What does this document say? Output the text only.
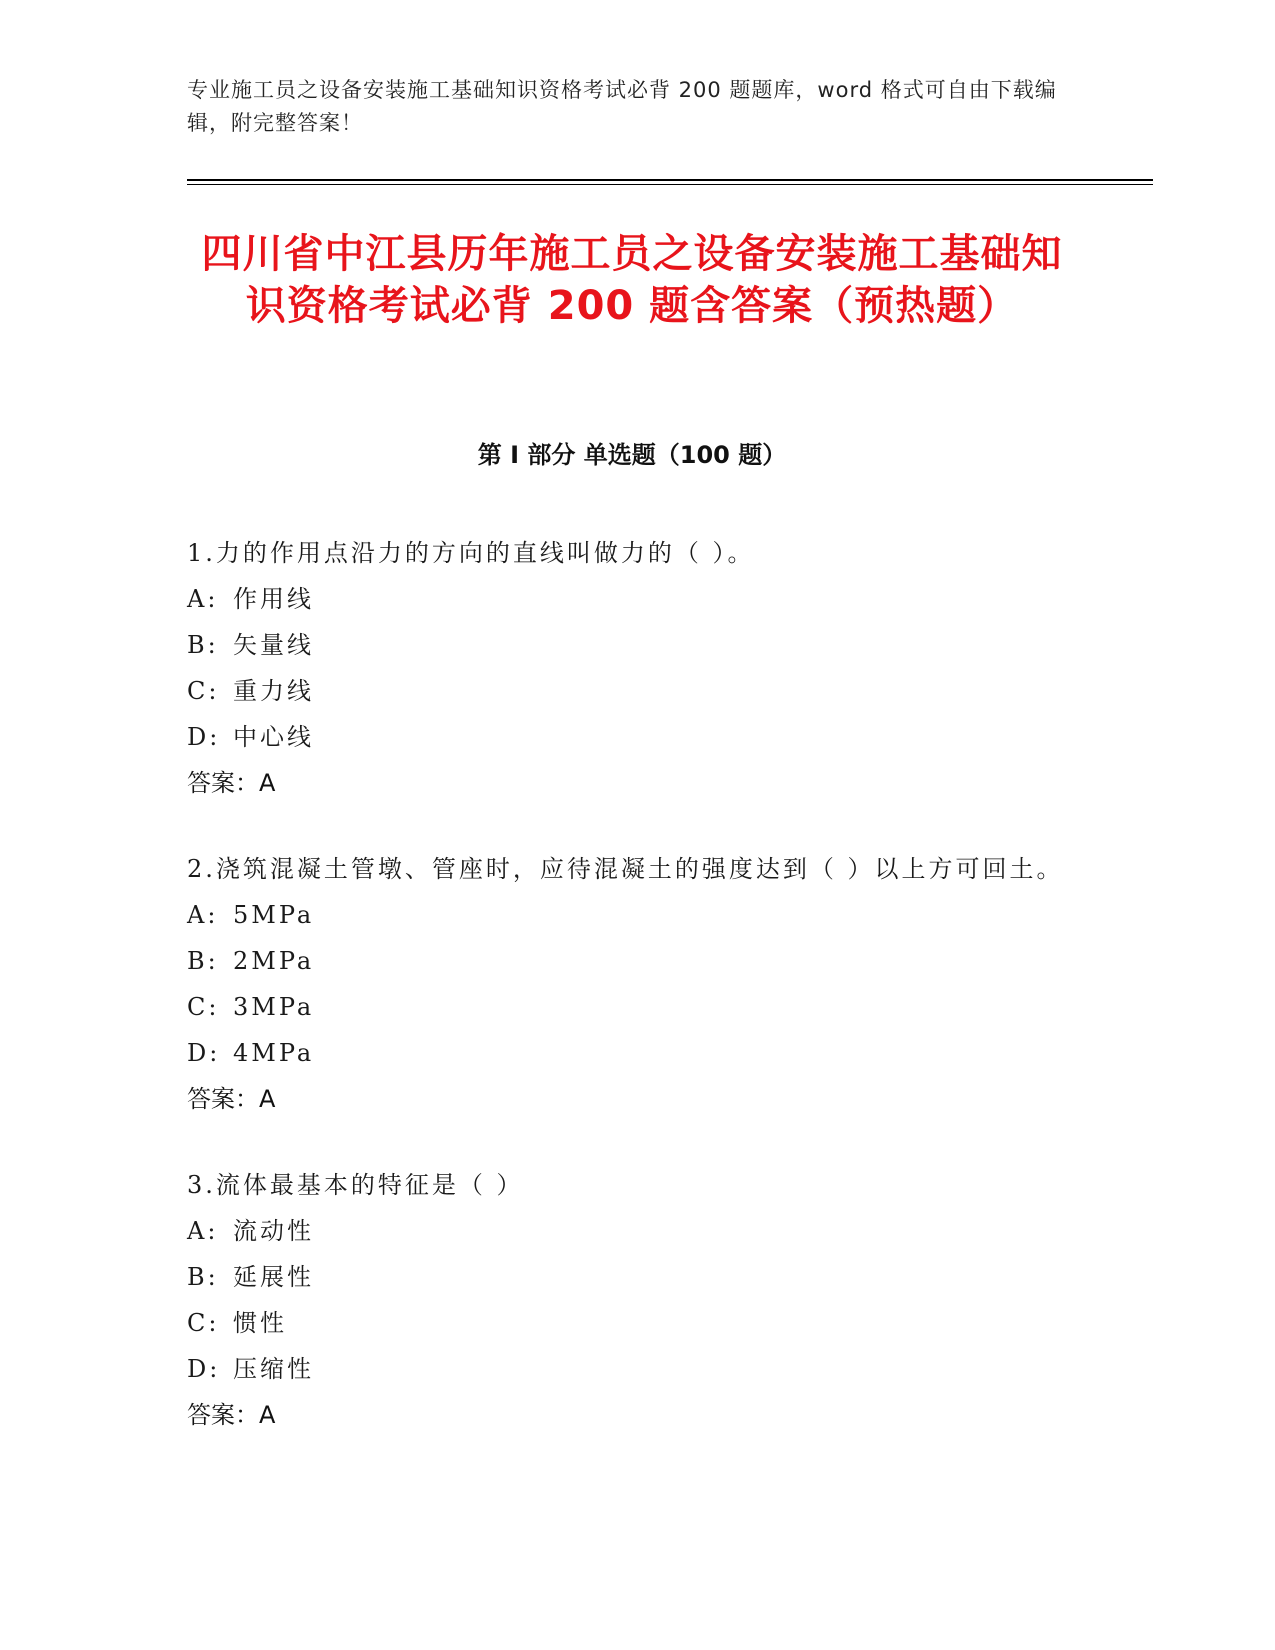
专业施工员之设备安装施工基础知识资格考试必背 200 题题库，word 格式可自由下载编辑，附完整答案！
四川省中江县历年施工员之设备安装施工基础知识资格考试必背 200 题含答案（预热题）
第 I 部分 单选题（100 题）
1.力的作用点沿力的方向的直线叫做力的（ ）。
A: 作用线
B: 矢量线
C: 重力线
D: 中心线
答案：A
2.浇筑混凝土管墩、管座时，应待混凝土的强度达到（ ）以上方可回土。
A: 5MPa
B: 2MPa
C: 3MPa
D: 4MPa
答案：A
3.流体最基本的特征是（ ）
A: 流动性
B: 延展性
C: 惯性
D: 压缩性
答案：A
